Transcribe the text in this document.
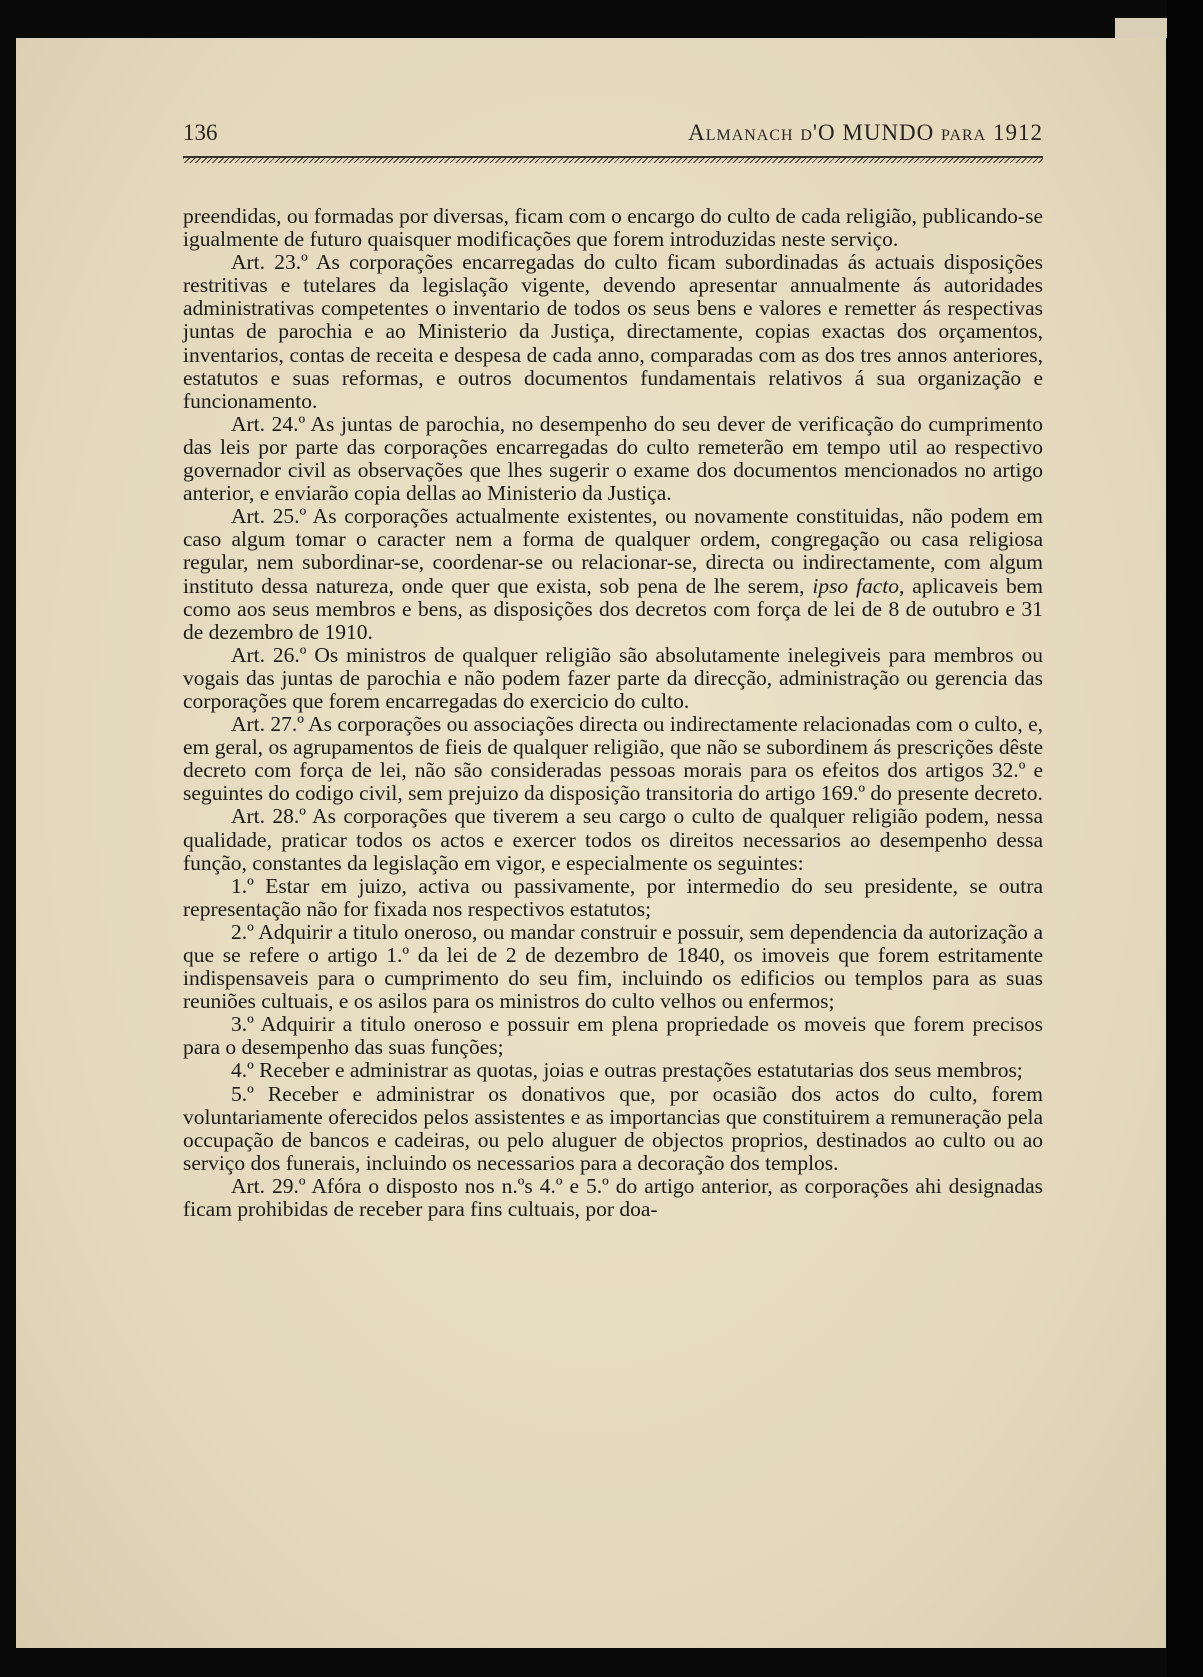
136	Almanach d'O MUNDO para 1912

preendidas, ou formadas por diversas, ficam com o encargo do culto de cada religião, publicando-se igualmente de futuro quaisquer modificações que forem introduzidas neste serviço.

Art. 23.º As corporações encarregadas do culto ficam subordinadas ás actuais disposições restritivas e tutelares da legislação vigente, devendo apresentar annualmente ás autoridades administrativas competentes o inventario de todos os seus bens e valores e remetter ás respectivas juntas de parochia e ao Ministerio da Justiça, directamente, copias exactas dos orçamentos, inventarios, contas de receita e despesa de cada anno, comparadas com as dos tres annos anteriores, estatutos e suas reformas, e outros documentos fundamentais relativos á sua organização e funcionamento.

Art. 24.º As juntas de parochia, no desempenho do seu dever de verificação do cumprimento das leis por parte das corporações encarregadas do culto remeterão em tempo util ao respectivo governador civil as observações que lhes sugerir o exame dos documentos mencionados no artigo anterior, e enviarão copia dellas ao Ministerio da Justiça.

Art. 25.º As corporações actualmente existentes, ou novamente constituidas, não podem em caso algum tomar o caracter nem a forma de qualquer ordem, congregação ou casa religiosa regular, nem subordinar-se, coordenar-se ou relacionar-se, directa ou indirectamente, com algum instituto dessa natureza, onde quer que exista, sob pena de lhe serem, ipso facto, aplicaveis bem como aos seus membros e bens, as disposições dos decretos com força de lei de 8 de outubro e 31 de dezembro de 1910.

Art. 26.º Os ministros de qualquer religião são absolutamente inelegiveis para membros ou vogais das juntas de parochia e não podem fazer parte da direcção, administração ou gerencia das corporações que forem encarregadas do exercicio do culto.

Art. 27.º As corporações ou associações directa ou indirectamente relacionadas com o culto, e, em geral, os agrupamentos de fieis de qualquer religião, que não se subordinem ás prescrições dêste decreto com força de lei, não são consideradas pessoas morais para os efeitos dos artigos 32.º e seguintes do codigo civil, sem prejuizo da disposição transitoria do artigo 169.º do presente decreto.

Art. 28.º As corporações que tiverem a seu cargo o culto de qualquer religião podem, nessa qualidade, praticar todos os actos e exercer todos os direitos necessarios ao desempenho dessa função, constantes da legislação em vigor, e especialmente os seguintes:

1.º Estar em juizo, activa ou passivamente, por intermedio do seu presidente, se outra representação não for fixada nos respectivos estatutos;

2.º Adquirir a titulo oneroso, ou mandar construir e possuir, sem dependencia da autorização a que se refere o artigo 1.º da lei de 2 de dezembro de 1840, os imoveis que forem estritamente indispensaveis para o cumprimento do seu fim, incluindo os edificios ou templos para as suas reuniões cultuais, e os asilos para os ministros do culto velhos ou enfermos;

3.º Adquirir a titulo oneroso e possuir em plena propriedade os moveis que forem precisos para o desempenho das suas funções;

4.º Receber e administrar as quotas, joias e outras prestações estatutarias dos seus membros;

5.º Receber e administrar os donativos que, por ocasião dos actos do culto, forem voluntariamente oferecidos pelos assistentes e as importancias que constituirem a remuneração pela occupação de bancos e cadeiras, ou pelo aluguer de objectos proprios, destinados ao culto ou ao serviço dos funerais, incluindo os necessarios para a decoração dos templos.

Art. 29.º Afóra o disposto nos n.ºs 4.º e 5.º do artigo anterior, as corporações ahi designadas ficam prohibidas de receber para fins cultuais, por doa-
